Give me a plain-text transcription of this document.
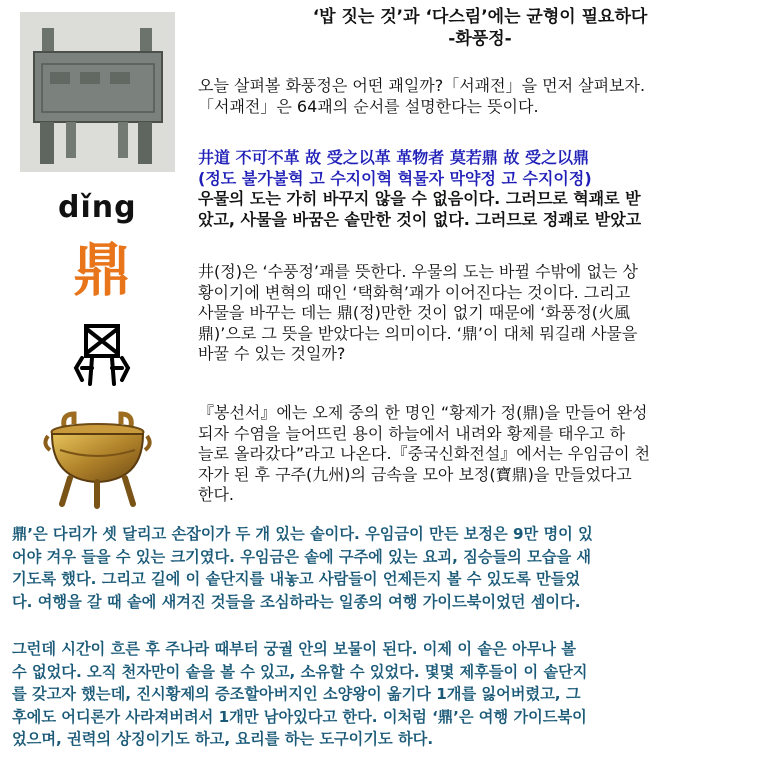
‘밥 짓는 것’과 ‘다스림’에는 균형이 필요하다
-화풍정-
dǐng
鼎
오늘 살펴볼 화풍정은 어떤 괘일까?「서괘전」을 먼저 살펴보자.
「서괘전」은 64괘의 순서를 설명한다는 뜻이다.
井道 不可不革 故 受之以革 革物者 莫若鼎 故 受之以鼎
(정도 불가불혁 고 수지이혁 혁물자 막약정 고 수지이정)
우물의 도는 가히 바꾸지 않을 수 없음이다. 그러므로 혁괘로 받
았고, 사물을 바꿈은 솥만한 것이 없다. 그러므로 정괘로 받았고
井(정)은 ‘수풍정’괘를 뜻한다. 우물의 도는 바뀔 수밖에 없는 상
황이기에 변혁의 때인 ‘택화혁’괘가 이어진다는 것이다. 그리고
사물을 바꾸는 데는 鼎(정)만한 것이 없기 때문에 ‘화풍정(火風
鼎)’으로 그 뜻을 받았다는 의미이다. ‘鼎’이 대체 뭐길래 사물을
바꿀 수 있는 것일까?
『봉선서』에는 오제 중의 한 명인 “황제가 정(鼎)을 만들어 완성
되자 수염을 늘어뜨린 용이 하늘에서 내려와 황제를 태우고 하
늘로 올라갔다”라고 나온다.『중국신화전설』에서는 우임금이 천
자가 된 후 구주(九州)의 금속을 모아 보정(寶鼎)을 만들었다고
한다.
鼎’은 다리가 셋 달리고 손잡이가 두 개 있는 솥이다. 우임금이 만든 보정은 9만 명이 있
어야 겨우 들을 수 있는 크기였다. 우임금은 솥에 구주에 있는 요괴, 짐승들의 모습을 새
기도록 했다. 그리고 길에 이 솥단지를 내놓고 사람들이 언제든지 볼 수 있도록 만들었
다. 여행을 갈 때 솥에 새겨진 것들을 조심하라는 일종의 여행 가이드북이었던 셈이다.
그런데 시간이 흐른 후 주나라 때부터 궁궐 안의 보물이 된다. 이제 이 솥은 아무나 볼
수 없었다. 오직 천자만이 솥을 볼 수 있고, 소유할 수 있었다. 몇몇 제후들이 이 솥단지
를 갖고자 했는데, 진시황제의 증조할아버지인 소양왕이 옮기다 1개를 잃어버렸고, 그
후에도 어디론가 사라져버려서 1개만 남아있다고 한다. 이처럼 ‘鼎’은 여행 가이드북이
었으며, 권력의 상징이기도 하고, 요리를 하는 도구이기도 하다.
